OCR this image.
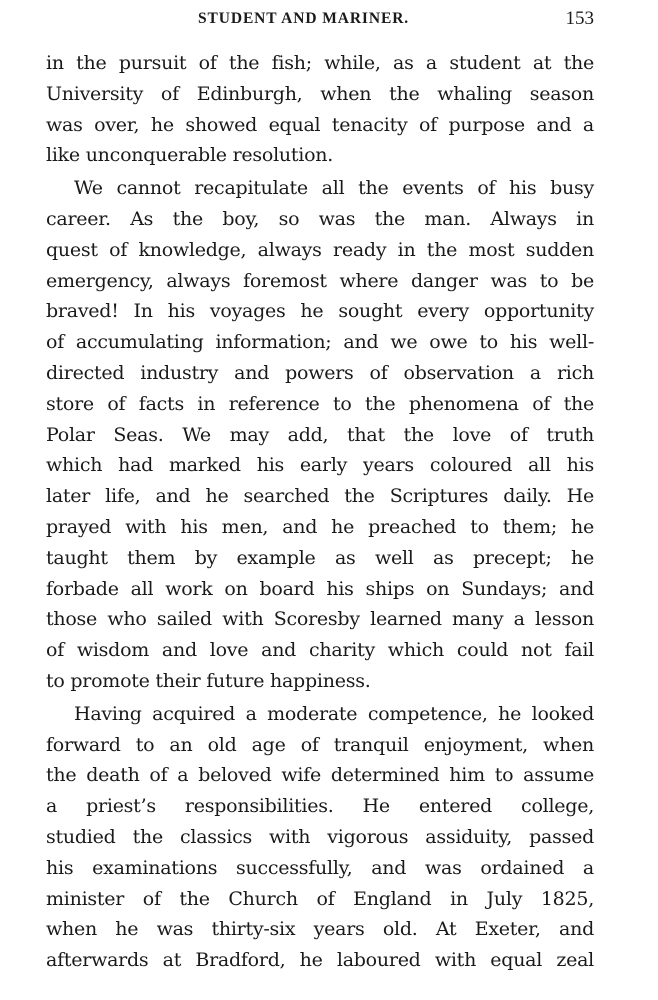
STUDENT AND MARINER.	153
in the pursuit of the fish; while, as a student at the
University of Edinburgh, when the whaling season
was over, he showed equal tenacity of purpose and a
like unconquerable resolution.
We cannot recapitulate all the events of his busy
career. As the boy, so was the man. Always in
quest of knowledge, always ready in the most sudden
emergency, always foremost where danger was to be
braved! In his voyages he sought every opportunity
of accumulating information; and we owe to his well-
directed industry and powers of observation a rich
store of facts in reference to the phenomena of the
Polar Seas. We may add, that the love of truth
which had marked his early years coloured all his
later life, and he searched the Scriptures daily. He
prayed with his men, and he preached to them; he
taught them by example as well as precept; he
forbade all work on board his ships on Sundays; and
those who sailed with Scoresby learned many a lesson
of wisdom and love and charity which could not fail
to promote their future happiness.
Having acquired a moderate competence, he looked
forward to an old age of tranquil enjoyment, when
the death of a beloved wife determined him to assume
a priest’s responsibilities. He entered college,
studied the classics with vigorous assiduity, passed
his examinations successfully, and was ordained a
minister of the Church of England in July 1825,
when he was thirty-six years old. At Exeter, and
afterwards at Bradford, he laboured with equal zeal
